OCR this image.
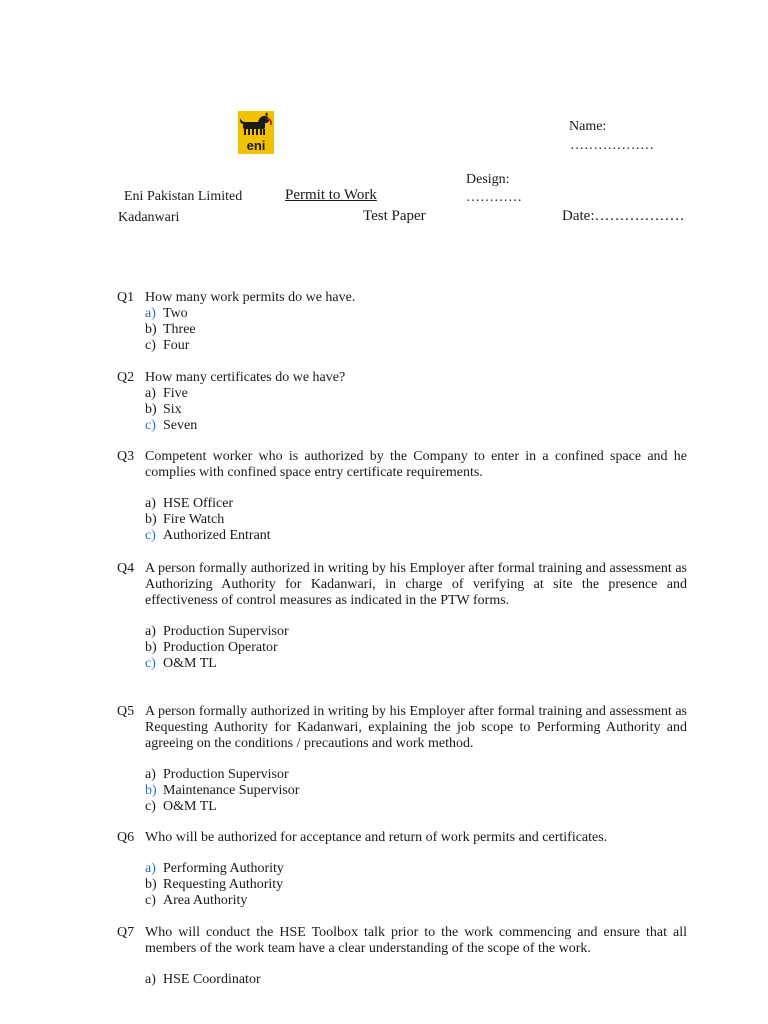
eni
Name:
………………
Design:
…………
Eni Pakistan Limited	Permit to Work
Kadanwari	Test Paper	Date:………………
Q1 How many work permits do we have.
a) Two
b) Three
c) Four
Q2 How many certificates do we have?
a) Five
b) Six
c) Seven
Q3 Competent worker who is authorized by the Company to enter in a confined space and he complies with confined space entry certificate requirements.
a) HSE Officer
b) Fire Watch
c) Authorized Entrant
Q4 A person formally authorized in writing by his Employer after formal training and assessment as Authorizing Authority for Kadanwari, in charge of verifying at site the presence and effectiveness of control measures as indicated in the PTW forms.
a) Production Supervisor
b) Production Operator
c) O&M TL
Q5 A person formally authorized in writing by his Employer after formal training and assessment as Requesting Authority for Kadanwari, explaining the job scope to Performing Authority and agreeing on the conditions / precautions and work method.
a) Production Supervisor
b) Maintenance Supervisor
c) O&M TL
Q6 Who will be authorized for acceptance and return of work permits and certificates.
a) Performing Authority
b) Requesting Authority
c) Area Authority
Q7 Who will conduct the HSE Toolbox talk prior to the work commencing and ensure that all members of the work team have a clear understanding of the scope of the work.
a) HSE Coordinator
